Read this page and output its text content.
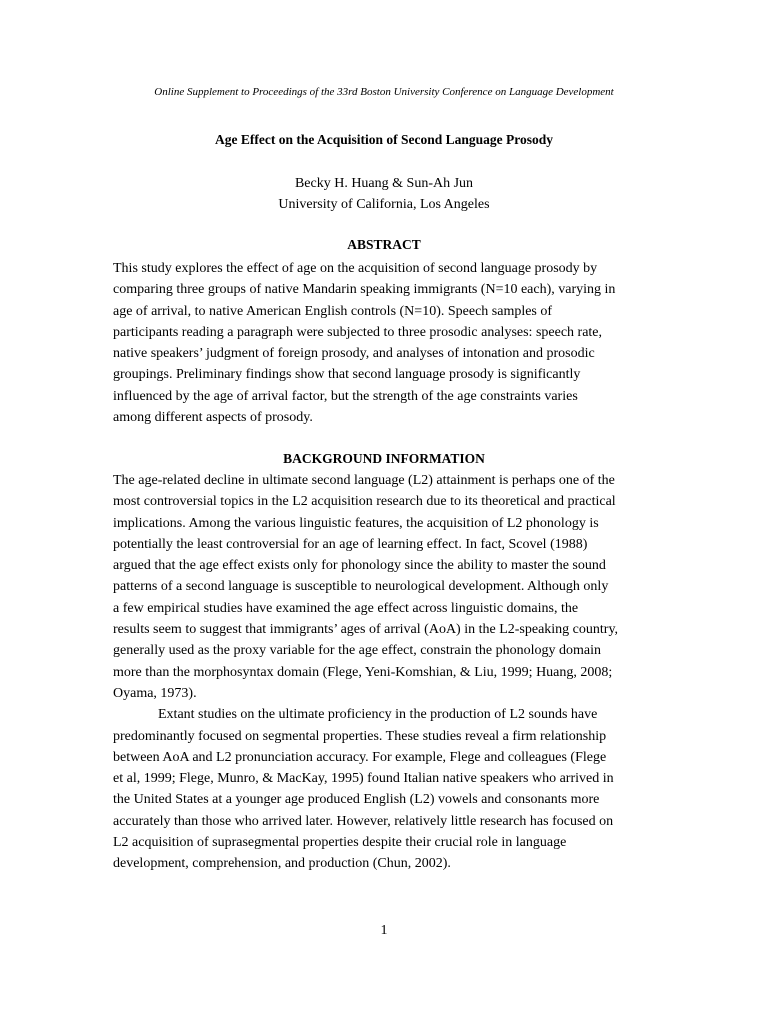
Online Supplement to Proceedings of the 33rd Boston University Conference on Language Development
Age Effect on the Acquisition of Second Language Prosody
Becky H. Huang & Sun-Ah Jun
University of California, Los Angeles
ABSTRACT
This study explores the effect of age on the acquisition of second language prosody by
comparing three groups of native Mandarin speaking immigrants (N=10 each), varying in
age of arrival, to native American English controls (N=10). Speech samples of
participants reading a paragraph were subjected to three prosodic analyses: speech rate,
native speakers’ judgment of foreign prosody, and analyses of intonation and prosodic
groupings. Preliminary findings show that second language prosody is significantly
influenced by the age of arrival factor, but the strength of the age constraints varies
among different aspects of prosody.
BACKGROUND INFORMATION
The age-related decline in ultimate second language (L2) attainment is perhaps one of the
most controversial topics in the L2 acquisition research due to its theoretical and practical
implications. Among the various linguistic features, the acquisition of L2 phonology is
potentially the least controversial for an age of learning effect. In fact, Scovel (1988)
argued that the age effect exists only for phonology since the ability to master the sound
patterns of a second language is susceptible to neurological development. Although only
a few empirical studies have examined the age effect across linguistic domains, the
results seem to suggest that immigrants’ ages of arrival (AoA) in the L2-speaking country,
generally used as the proxy variable for the age effect, constrain the phonology domain
more than the morphosyntax domain (Flege, Yeni-Komshian, & Liu, 1999; Huang, 2008;
Oyama, 1973).
Extant studies on the ultimate proficiency in the production of L2 sounds have
predominantly focused on segmental properties. These studies reveal a firm relationship
between AoA and L2 pronunciation accuracy. For example, Flege and colleagues (Flege
et al, 1999; Flege, Munro, & MacKay, 1995) found Italian native speakers who arrived in
the United States at a younger age produced English (L2) vowels and consonants more
accurately than those who arrived later. However, relatively little research has focused on
L2 acquisition of suprasegmental properties despite their crucial role in language
development, comprehension, and production (Chun, 2002).
1
